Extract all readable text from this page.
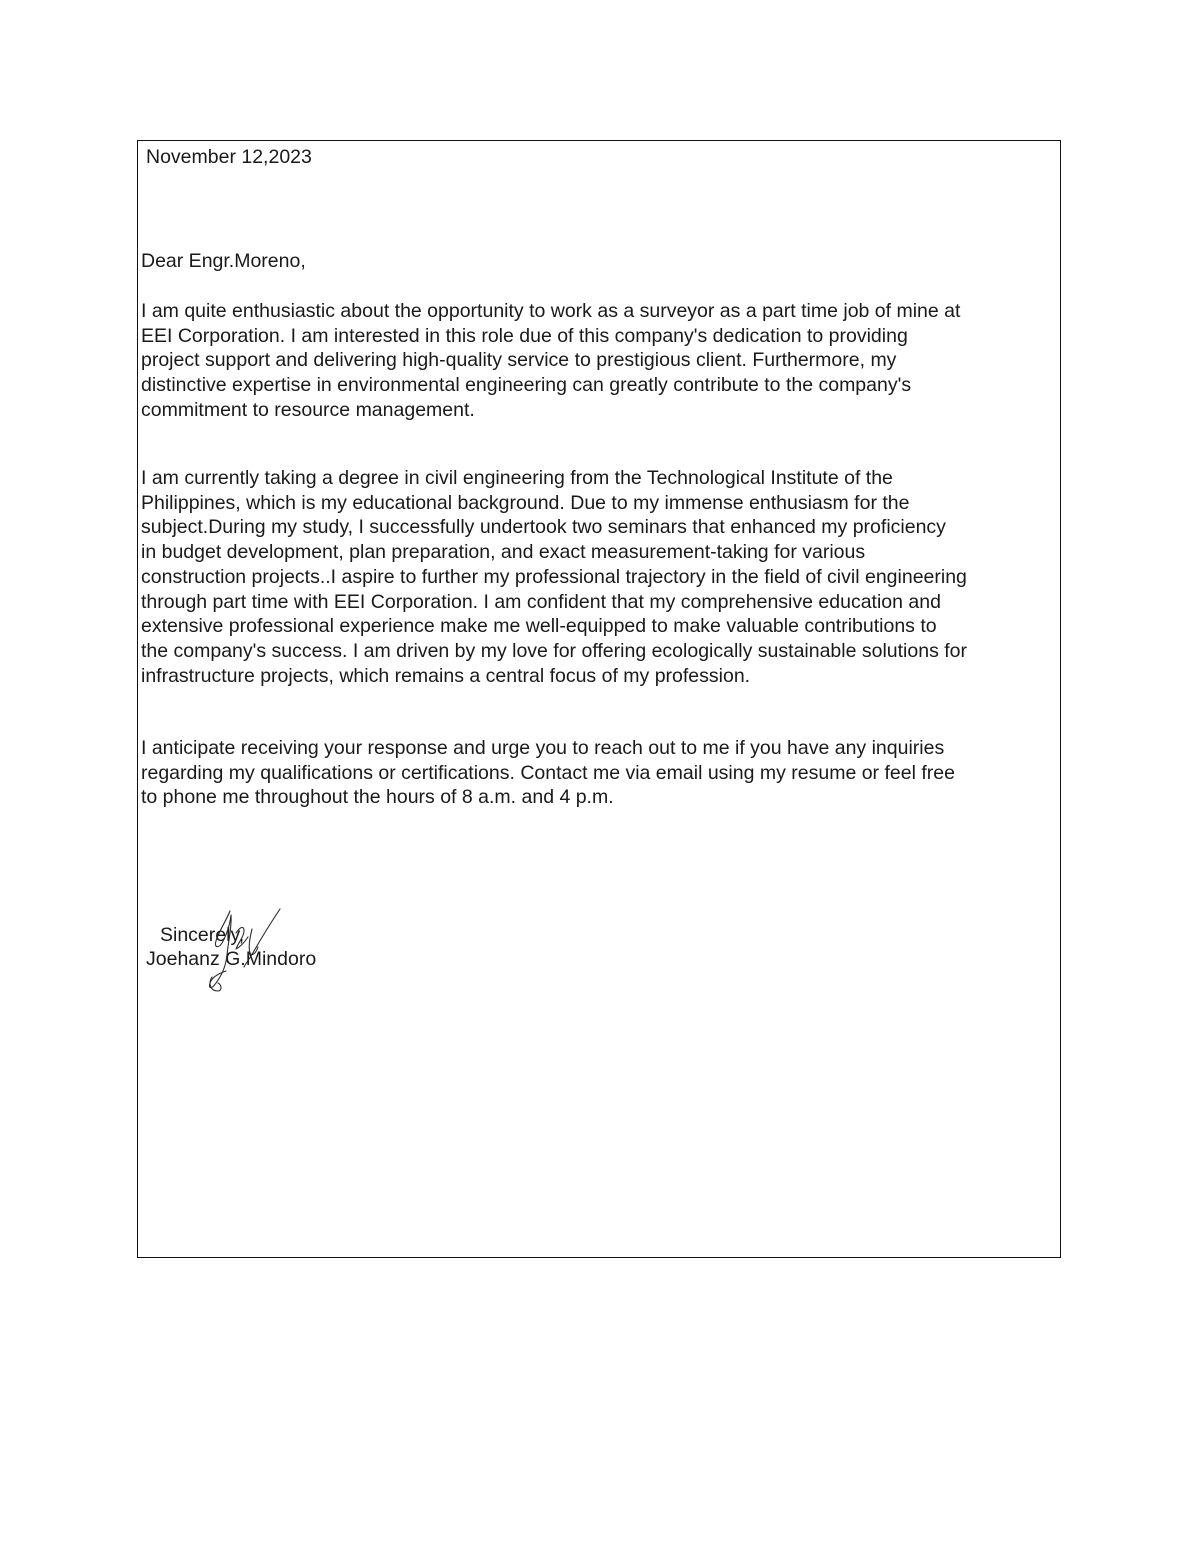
November 12,2023
Dear Engr.Moreno,
I am quite enthusiastic about the opportunity to work as a surveyor as a part time job of mine at
EEI Corporation. I am interested in this role due of this company's dedication to providing
project support and delivering high-quality service to prestigious client. Furthermore, my
distinctive expertise in environmental engineering can greatly contribute to the company's
commitment to resource management.
I am currently taking a degree in civil engineering from the Technological Institute of the
Philippines, which is my educational background. Due to my immense enthusiasm for the
subject.During my study, I successfully undertook two seminars that enhanced my proficiency
in budget development, plan preparation, and exact measurement-taking for various
construction projects..I aspire to further my professional trajectory in the field of civil engineering
through part time with EEI Corporation. I am confident that my comprehensive education and
extensive professional experience make me well-equipped to make valuable contributions to
the company's success. I am driven by my love for offering ecologically sustainable solutions for
infrastructure projects, which remains a central focus of my profession.
I anticipate receiving your response and urge you to reach out to me if you have any inquiries
regarding my qualifications or certifications. Contact me via email using my resume or feel free
to phone me throughout the hours of 8 a.m. and 4 p.m.
Sincerely,
Joehanz G.Mindoro
